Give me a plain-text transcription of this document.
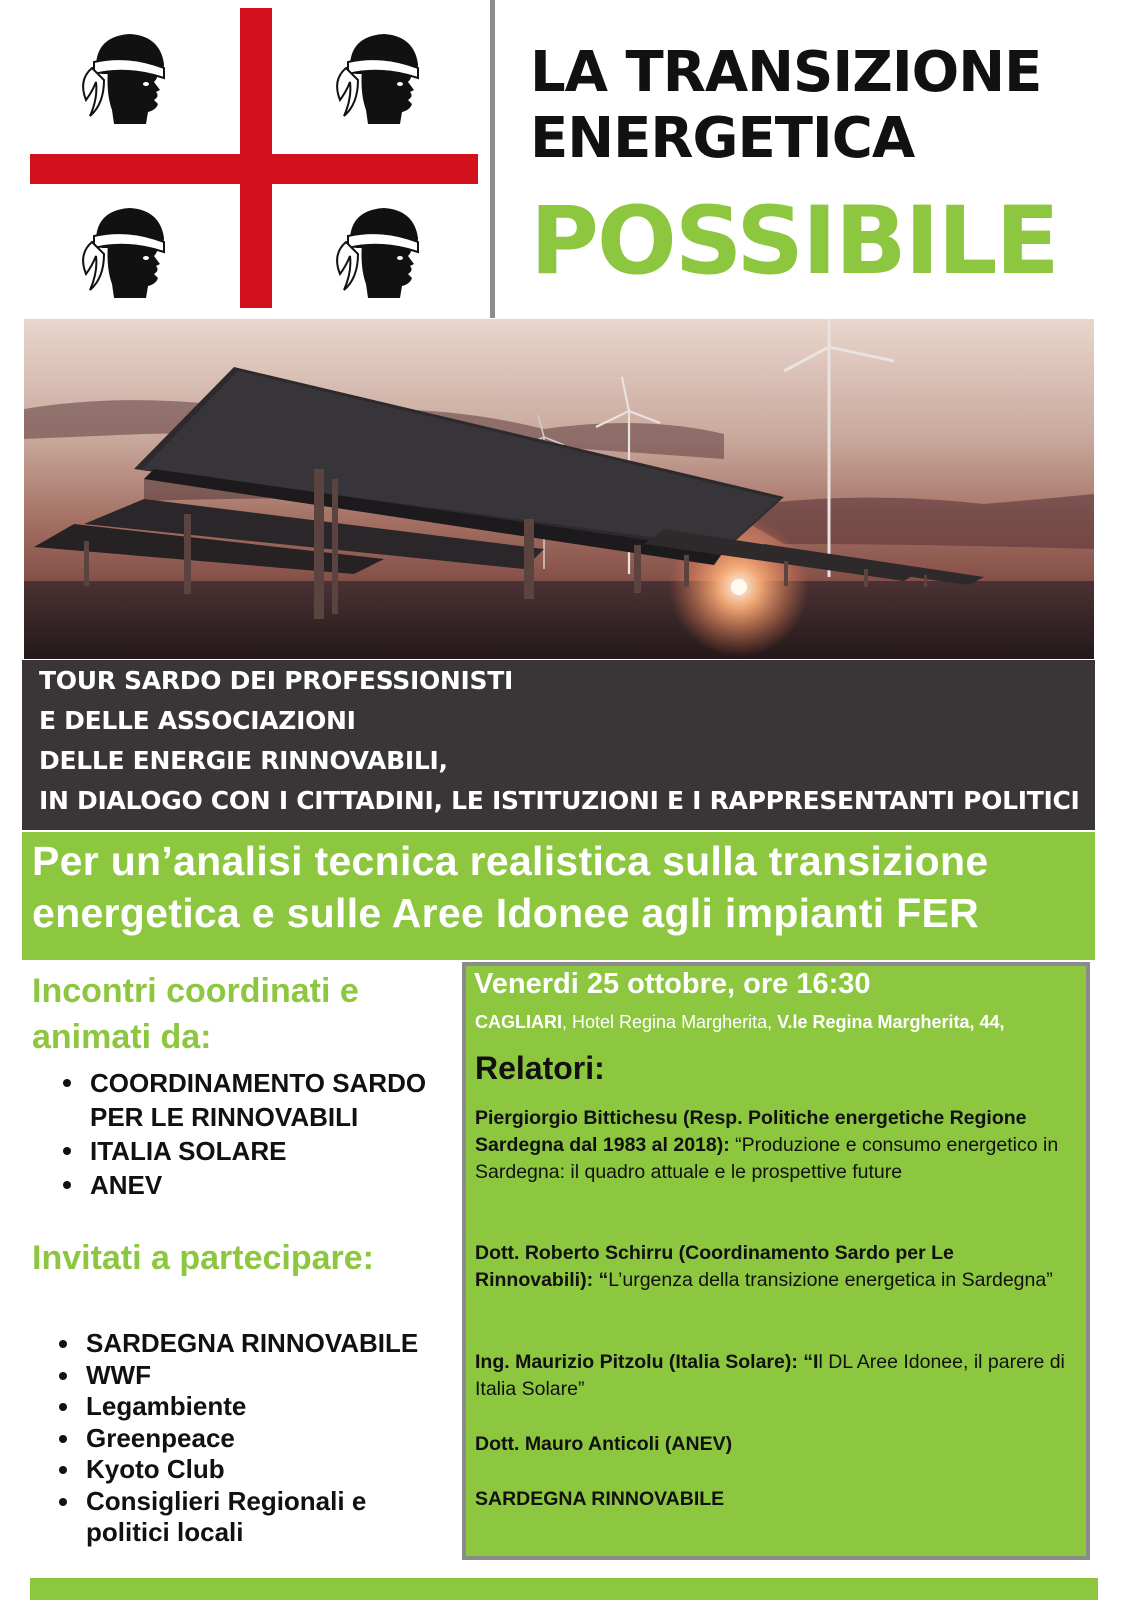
LA TRANSIZIONE
ENERGETICA
POSSIBILE
TOUR SARDO DEI PROFESSIONISTI
E DELLE ASSOCIAZIONI
DELLE ENERGIE RINNOVABILI,
IN DIALOGO CON I CITTADINI, LE ISTITUZIONI E I RAPPRESENTANTI POLITICI
Per un’analisi tecnica realistica sulla transizione
energetica e sulle Aree Idonee agli impianti FER
Incontri coordinati e
animati da:
COORDINAMENTO SARDO PER LE RINNOVABILI
ITALIA SOLARE
ANEV
Invitati a partecipare:
SARDEGNA RINNOVABILE
WWF
Legambiente
Greenpeace
Kyoto Club
Consiglieri Regionali e politici locali
Venerdi 25 ottobre, ore 16:30
CAGLIARI, Hotel Regina Margherita, V.le Regina Margherita, 44,
Relatori:
Piergiorgio Bittichesu (Resp. Politiche energetiche Regione Sardegna dal 1983 al 2018): “Produzione e consumo energetico in Sardegna: il quadro attuale e le prospettive future
Dott. Roberto Schirru (Coordinamento Sardo per Le Rinnovabili): “L’urgenza della transizione energetica in Sardegna”
Ing. Maurizio Pitzolu (Italia Solare): “Il DL Aree Idonee, il parere di Italia Solare”
Dott. Mauro Anticoli (ANEV)
SARDEGNA RINNOVABILE
